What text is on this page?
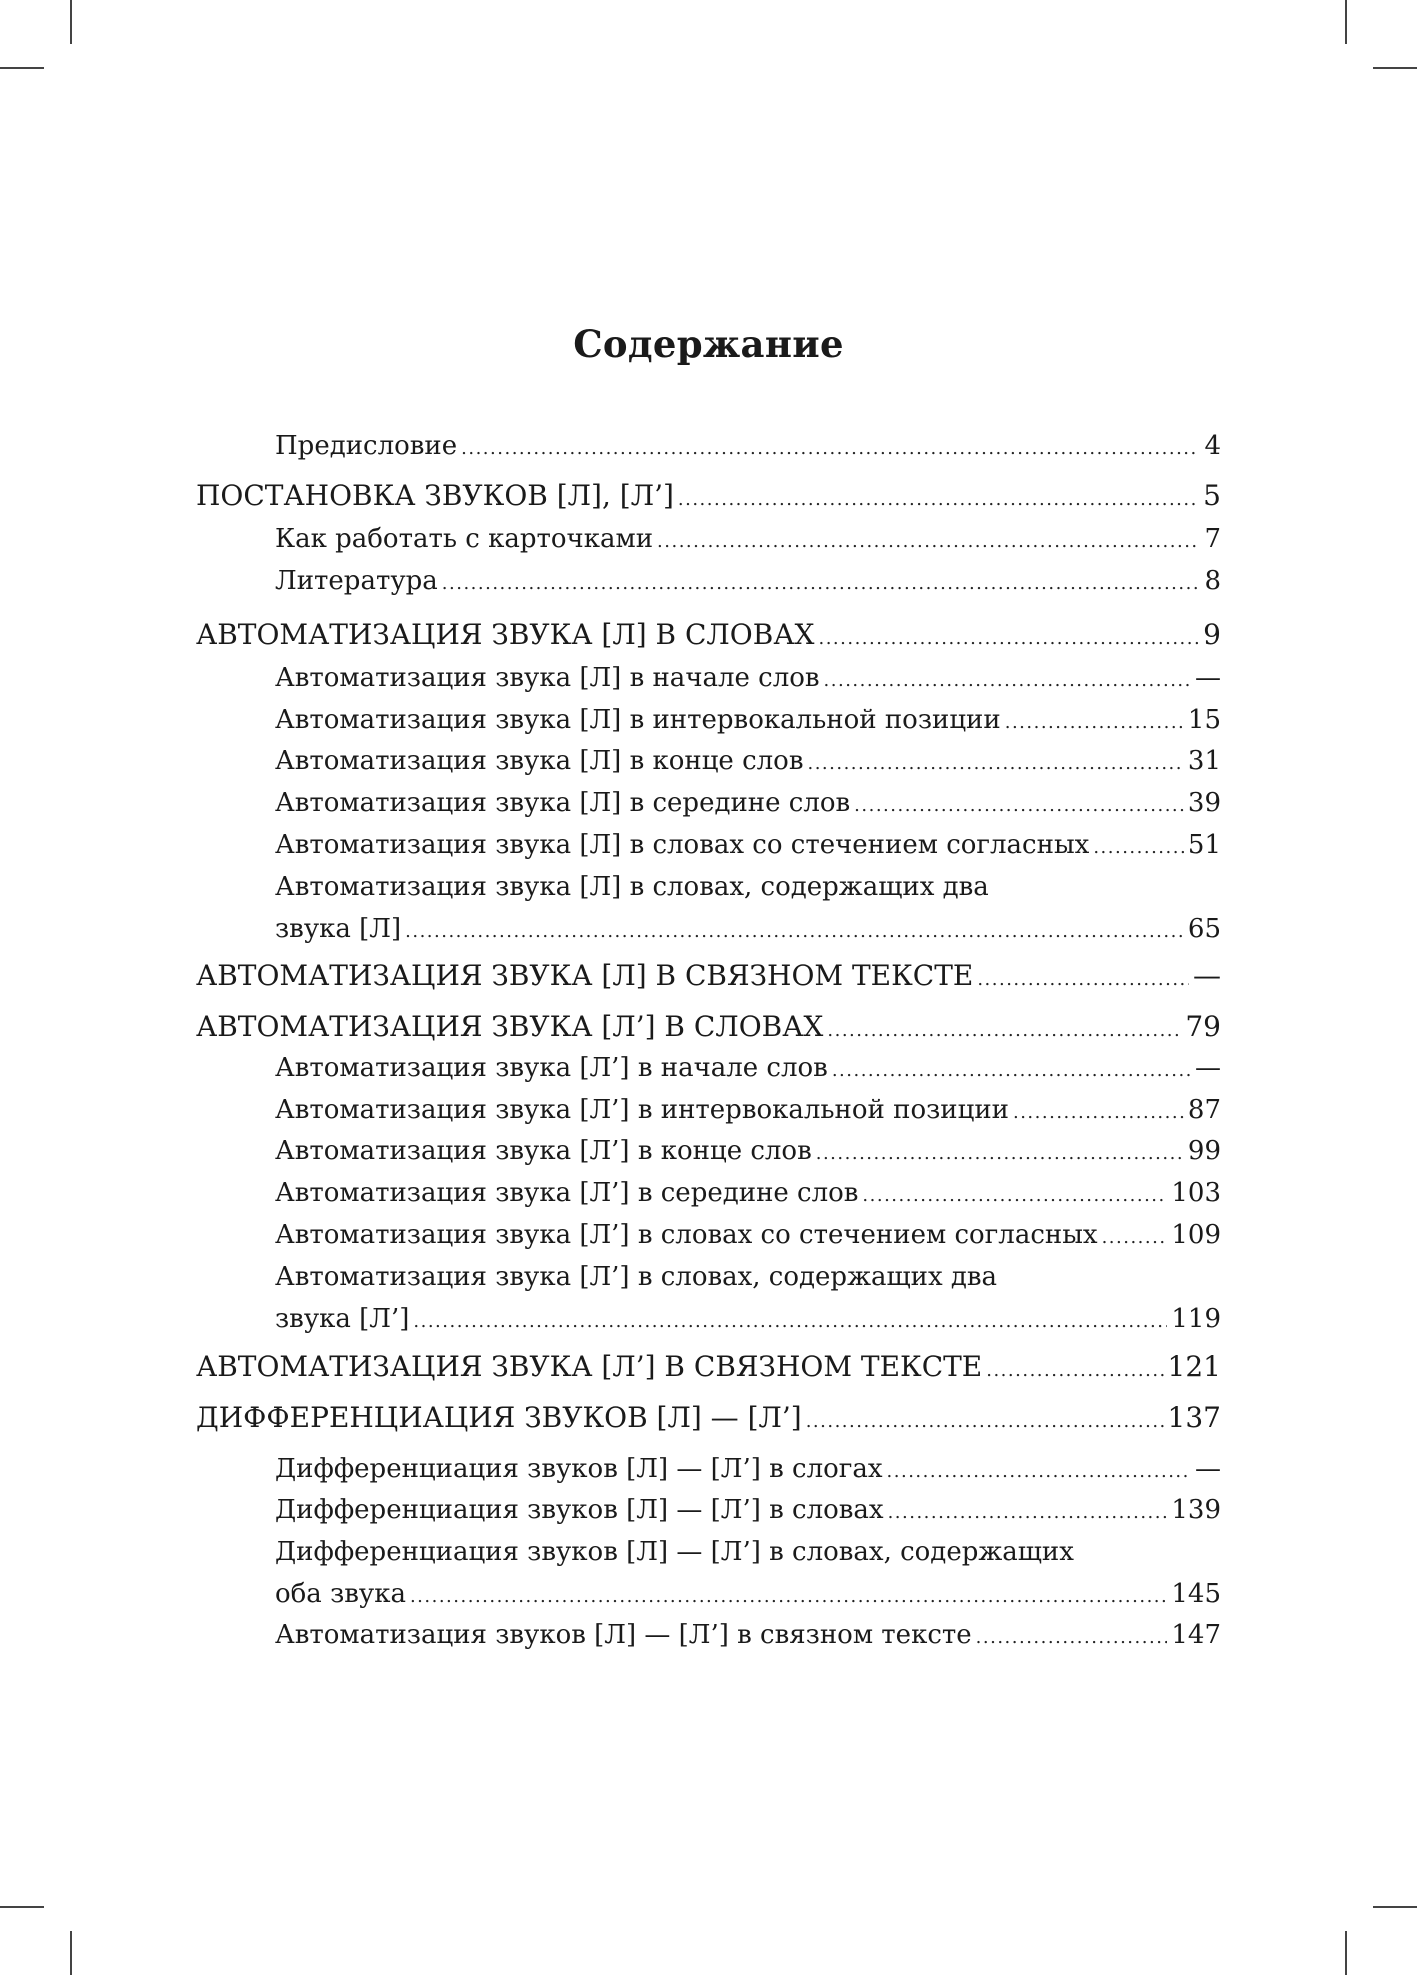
Содержание
Предисловие .....	4
ПОСТАНОВКА ЗВУКОВ [Л], [Л’] .....	5
Как работать с карточками .....	7
Литература .....	8
АВТОМАТИЗАЦИЯ ЗВУКА [Л] В СЛОВАХ .....	9
Автоматизация звука [Л] в начале слов .....	—
Автоматизация звука [Л] в интервокальной позиции .....	15
Автоматизация звука [Л] в конце слов .....	31
Автоматизация звука [Л] в середине слов .....	39
Автоматизация звука [Л] в словах со стечением согласных .....	51
Автоматизация звука [Л] в словах, содержащих два
звука [Л] .....	65
АВТОМАТИЗАЦИЯ ЗВУКА [Л] В СВЯЗНОМ ТЕКСТЕ .....	—
АВТОМАТИЗАЦИЯ ЗВУКА [Л’] В СЛОВАХ .....	79
Автоматизация звука [Л’] в начале слов .....	—
Автоматизация звука [Л’] в интервокальной позиции .....	87
Автоматизация звука [Л’] в конце слов .....	99
Автоматизация звука [Л’] в середине слов .....	103
Автоматизация звука [Л’] в словах со стечением согласных .....	109
Автоматизация звука [Л’] в словах, содержащих два
звука [Л’] .....	119
АВТОМАТИЗАЦИЯ ЗВУКА [Л’] В СВЯЗНОМ ТЕКСТЕ .....	121
ДИФФЕРЕНЦИАЦИЯ ЗВУКОВ [Л] — [Л’] .....	137
Дифференциация звуков [Л] — [Л’] в слогах .....	—
Дифференциация звуков [Л] — [Л’] в словах .....	139
Дифференциация звуков [Л] — [Л’] в словах, содержащих
оба звука .....	145
Автоматизация звуков [Л] — [Л’] в связном тексте .....	147
